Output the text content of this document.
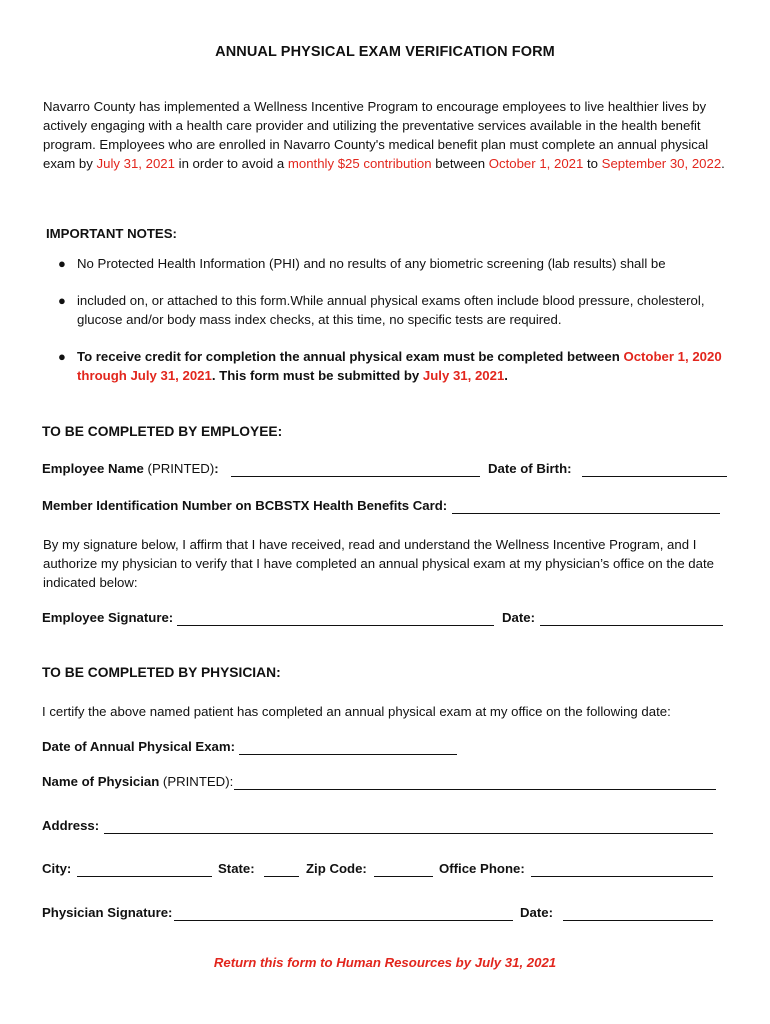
ANNUAL PHYSICAL EXAM VERIFICATION FORM
Navarro County has implemented a Wellness Incentive Program to encourage employees to live healthier lives by actively engaging with a health care provider and utilizing the preventative services available in the health benefit program. Employees who are enrolled in Navarro County's medical benefit plan must complete an annual physical exam by July 31, 2021 in order to avoid a monthly $25 contribution between October 1, 2021 to September 30, 2022.
IMPORTANT NOTES:
● No Protected Health Information (PHI) and no results of any biometric screening (lab results) shall be
● included on, or attached to this form.While annual physical exams often include blood pressure, cholesterol, glucose and/or body mass index checks, at this time, no specific tests are required.
● To receive credit for completion the annual physical exam must be completed between October 1, 2020 through July 31, 2021. This form must be submitted by July 31, 2021.
TO BE COMPLETED BY EMPLOYEE:
Employee Name (PRINTED):	Date of Birth:
Member Identification Number on BCBSTX Health Benefits Card:
By my signature below, I affirm that I have received, read and understand the Wellness Incentive Program, and I authorize my physician to verify that I have completed an annual physical exam at my physician’s office on the date indicated below:
Employee Signature:	Date:
TO BE COMPLETED BY PHYSICIAN:
I certify the above named patient has completed an annual physical exam at my office on the following date:
Date of Annual Physical Exam:
Name of Physician (PRINTED):
Address:
City:	State:	Zip Code:	Office Phone:
Physician Signature:	Date:
Return this form to Human Resources by July 31, 2021
